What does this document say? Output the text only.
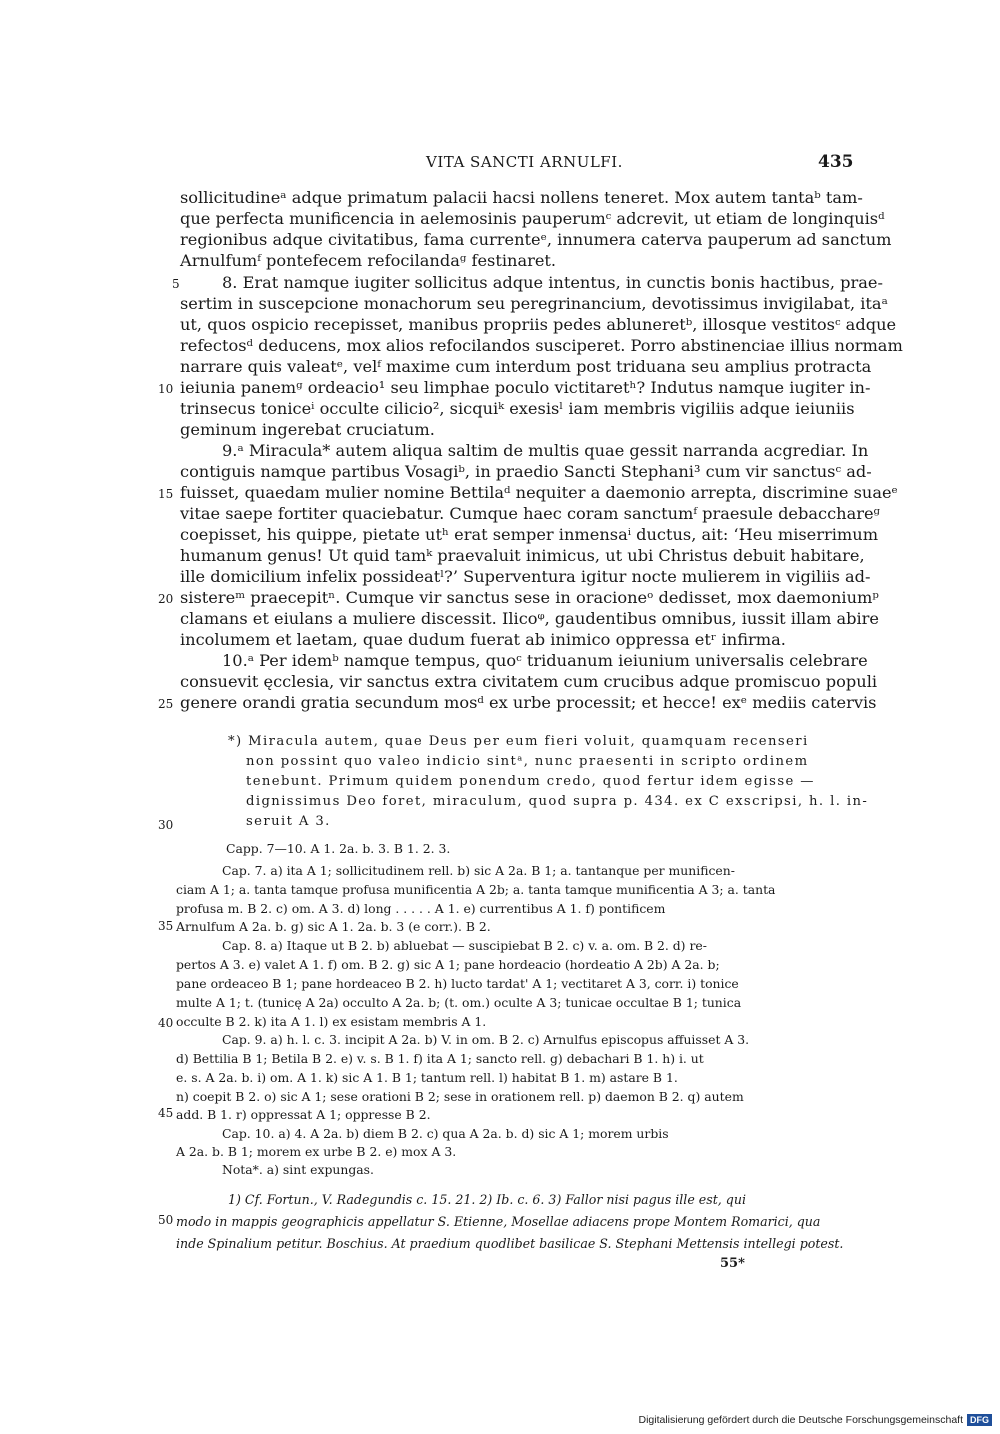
VITA SANCTI ARNULFI.	435
sollicitudineᵃ adque primatum palacii hacsi nollens teneret. Mox autem tantaᵇ tam-
que perfecta munificencia in aelemosinis pauperumᶜ adcrevit, ut etiam de longinquisᵈ
regionibus adque civitatibus, fama currenteᵉ, innumera caterva pauperum ad sanctum
Arnulfumᶠ pontefecem refocilandaᵍ festinaret.
8. Erat namque iugiter sollicitus adque intentus, in cunctis bonis hactibus, prae-
sertim in suscepcione monachorum seu peregrinancium, devotissimus invigilabat, itaᵃ
ut, quos ospicio recepisset, manibus propriis pedes abluneretᵇ, illosque vestitosᶜ adque
refectosᵈ deducens, mox alios refocilandos susciperet. Porro abstinenciae illius normam
narrare quis valeatᵉ, velᶠ maxime cum interdum post triduana seu amplius protracta
ieiunia panemᵍ ordeacio¹ seu limphae poculo victitaretʰ? Indutus namque iugiter in-
trinsecus toniceⁱ occulte cilicio², sicquiᵏ exesisˡ iam membris vigiliis adque ieiuniis
geminum ingerebat cruciatum.
9.ᵃ Miracula* autem aliqua saltim de multis quae gessit narranda acgrediar. In
contiguis namque partibus Vosagiᵇ, in praedio Sancti Stephani³ cum vir sanctusᶜ ad-
fuisset, quaedam mulier nomine Bettilaᵈ nequiter a daemonio arrepta, discrimine suaeᵉ
vitae saepe fortiter quaciebatur. Cumque haec coram sanctumᶠ praesule debacchareᵍ
coepisset, his quippe, pietate utʰ erat semper inmensaⁱ ductus, ait: ‘Heu miserrimum
humanum genus! Ut quid tamᵏ praevaluit inimicus, ut ubi Christus debuit habitare,
ille domicilium infelix possideatˡ?’ Superventura igitur nocte mulierem in vigiliis ad-
sistereᵐ praecepitⁿ. Cumque vir sanctus sese in oracioneᵒ dedisset, mox daemoniumᵖ
clamans et eiulans a muliere discessit. Ilicoᵠ, gaudentibus omnibus, iussit illam abire
incolumem et laetam, quae dudum fuerat ab inimico oppressa etʳ infirma.
10.ᵃ Per idemᵇ namque tempus, quoᶜ triduanum ieiunium universalis celebrare
consuevit ęcclesia, vir sanctus extra civitatem cum crucibus adque promiscuo populi
genere orandi gratia secundum mosᵈ ex urbe processit; et hecce! exᵉ mediis catervis
5
10
15
20
25
30
35
40
45
50
*) Miracula autem, quae Deus per eum fieri voluit, quamquam recenseri
non possint quo valeo indicio sintᵃ, nunc praesenti in scripto ordinem
tenebunt. Primum quidem ponendum credo, quod fertur idem egisse —
dignissimus Deo foret, miraculum, quod supra p. 434. ex C exscripsi, h. l. in-
seruit A 3.
Capp. 7—10. A 1. 2a. b. 3. B 1. 2. 3.
Cap. 7. a) ita A 1; sollicitudinem rell. b) sic A 2a. B 1; a. tantanque per munificen-
ciam A 1; a. tanta tamque profusa munificentia A 2b; a. tanta tamque munificentia A 3; a. tanta
profusa m. B 2. c) om. A 3. d) long . . . . . A 1. e) currentibus A 1. f) pontificem
Arnulfum A 2a. b. g) sic A 1. 2a. b. 3 (e corr.). B 2.
Cap. 8. a) Itaque ut B 2. b) abluebat — suscipiebat B 2. c) v. a. om. B 2. d) re-
pertos A 3. e) valet A 1. f) om. B 2. g) sic A 1; pane hordeacio (hordeatio A 2b) A 2a. b;
pane ordeaceo B 1; pane hordeaceo B 2. h) lucto tardat' A 1; vectitaret A 3, corr. i) tonice
multe A 1; t. (tunicę A 2a) occulto A 2a. b; (t. om.) oculte A 3; tunicae occultae B 1; tunica
occulte B 2. k) ita A 1. l) ex esistam membris A 1.
Cap. 9. a) h. l. c. 3. incipit A 2a. b) V. in om. B 2. c) Arnulfus episcopus affuisset A 3.
d) Bettilia B 1; Betila B 2. e) v. s. B 1. f) ita A 1; sancto rell. g) debachari B 1. h) i. ut
e. s. A 2a. b. i) om. A 1. k) sic A 1. B 1; tantum rell. l) habitat B 1. m) astare B 1.
n) coepit B 2. o) sic A 1; sese orationi B 2; sese in orationem rell. p) daemon B 2. q) autem
add. B 1. r) oppressat A 1; oppresse B 2.
Cap. 10. a) 4. A 2a. b) diem B 2. c) qua A 2a. b. d) sic A 1; morem urbis
A 2a. b. B 1; morem ex urbe B 2. e) mox A 3.
Nota*. a) sint expungas.
1) Cf. Fortun., V. Radegundis c. 15. 21. 2) Ib. c. 6. 3) Fallor nisi pagus ille est, qui
modo in mappis geographicis appellatur S. Etienne, Mosellae adiacens prope Montem Romarici, qua
inde Spinalium petitur. Boschius. At praedium quodlibet basilicae S. Stephani Mettensis intellegi potest.
55*
Digitalisierung gefördert durch die Deutsche Forschungsgemeinschaft DFG
